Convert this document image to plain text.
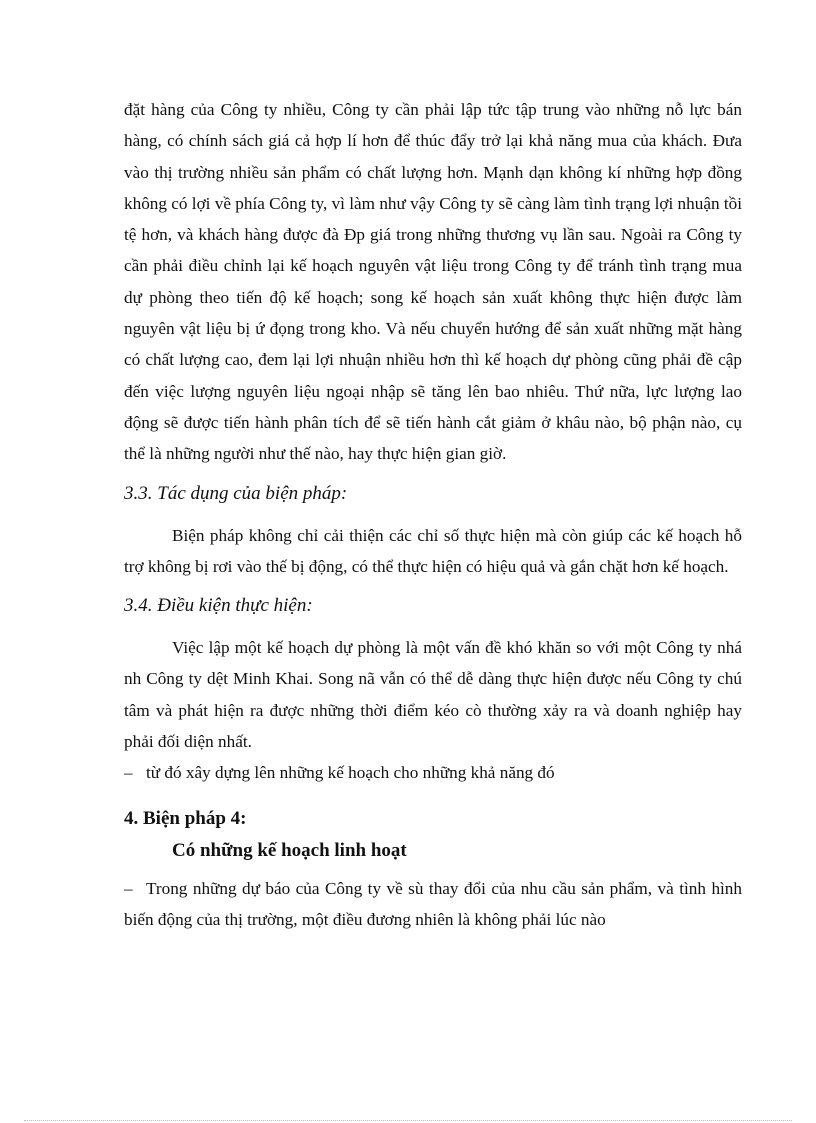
đặt hàng của Công ty nhiều, Công ty cần phải lập tức tập trung vào những nỗ lực bán hàng, có chính sách giá cả hợp lí hơn để thúc đẩy trở lại khả năng mua của khách. Đưa vào thị trường nhiều sản phẩm có chất lượng hơn. Mạnh dạn không kí những hợp đồng không có lợi về phía Công ty, vì làm như vậy Công ty sẽ càng làm tình trạng lợi nhuận tồi tệ hơn, và khách hàng được đà Đp giá trong những thương vụ lần sau. Ngoài ra Công ty cần phải điều chỉnh lại kế hoạch nguyên vật liệu trong Công ty để tránh tình trạng mua dự phòng theo tiến độ kế hoạch; song kế hoạch sản xuất không thực hiện được làm nguyên vật liệu bị ứ đọng trong kho. Và nếu chuyển hướng để sản xuất những mặt hàng có chất lượng cao, đem lại lợi nhuận nhiều hơn thì kế hoạch dự phòng cũng phải đề cập đến việc lượng nguyên liệu ngoại nhập sẽ tăng lên bao nhiêu. Thứ nữa, lực lượng lao động sẽ được tiến hành phân tích để sẽ tiến hành cắt giảm ở khâu nào, bộ phận nào, cụ thể là những người như thế nào, hay thực hiện gian giờ.

3.3. Tác dụng của biện pháp:

Biện pháp không chỉ cải thiện các chỉ số thực hiện mà còn giúp các kế hoạch hỗ trợ không bị rơi vào thế bị động, có thể thực hiện có hiệu quả và gắn chặt hơn kế hoạch.

3.4. Điều kiện thực hiện:

Việc lập một kế hoạch dự phòng là một vấn đề khó khăn so với một Công ty nhá nh Công ty dệt Minh Khai. Song nã vẫn có thể dễ dàng thực hiện được nếu Công ty chú tâm và phát hiện ra được những thời điểm kéo cò thường xảy ra và doanh nghiệp hay phải đối diện nhất.

– từ đó xây dựng lên những kế hoạch cho những khả năng đó

4. Biện pháp 4:
Có những kế hoạch linh hoạt

– Trong những dự báo của Công ty về sù thay đổi của nhu cầu sản phẩm, và tình hình biến động của thị trường, một điều đương nhiên là không phải lúc nào
